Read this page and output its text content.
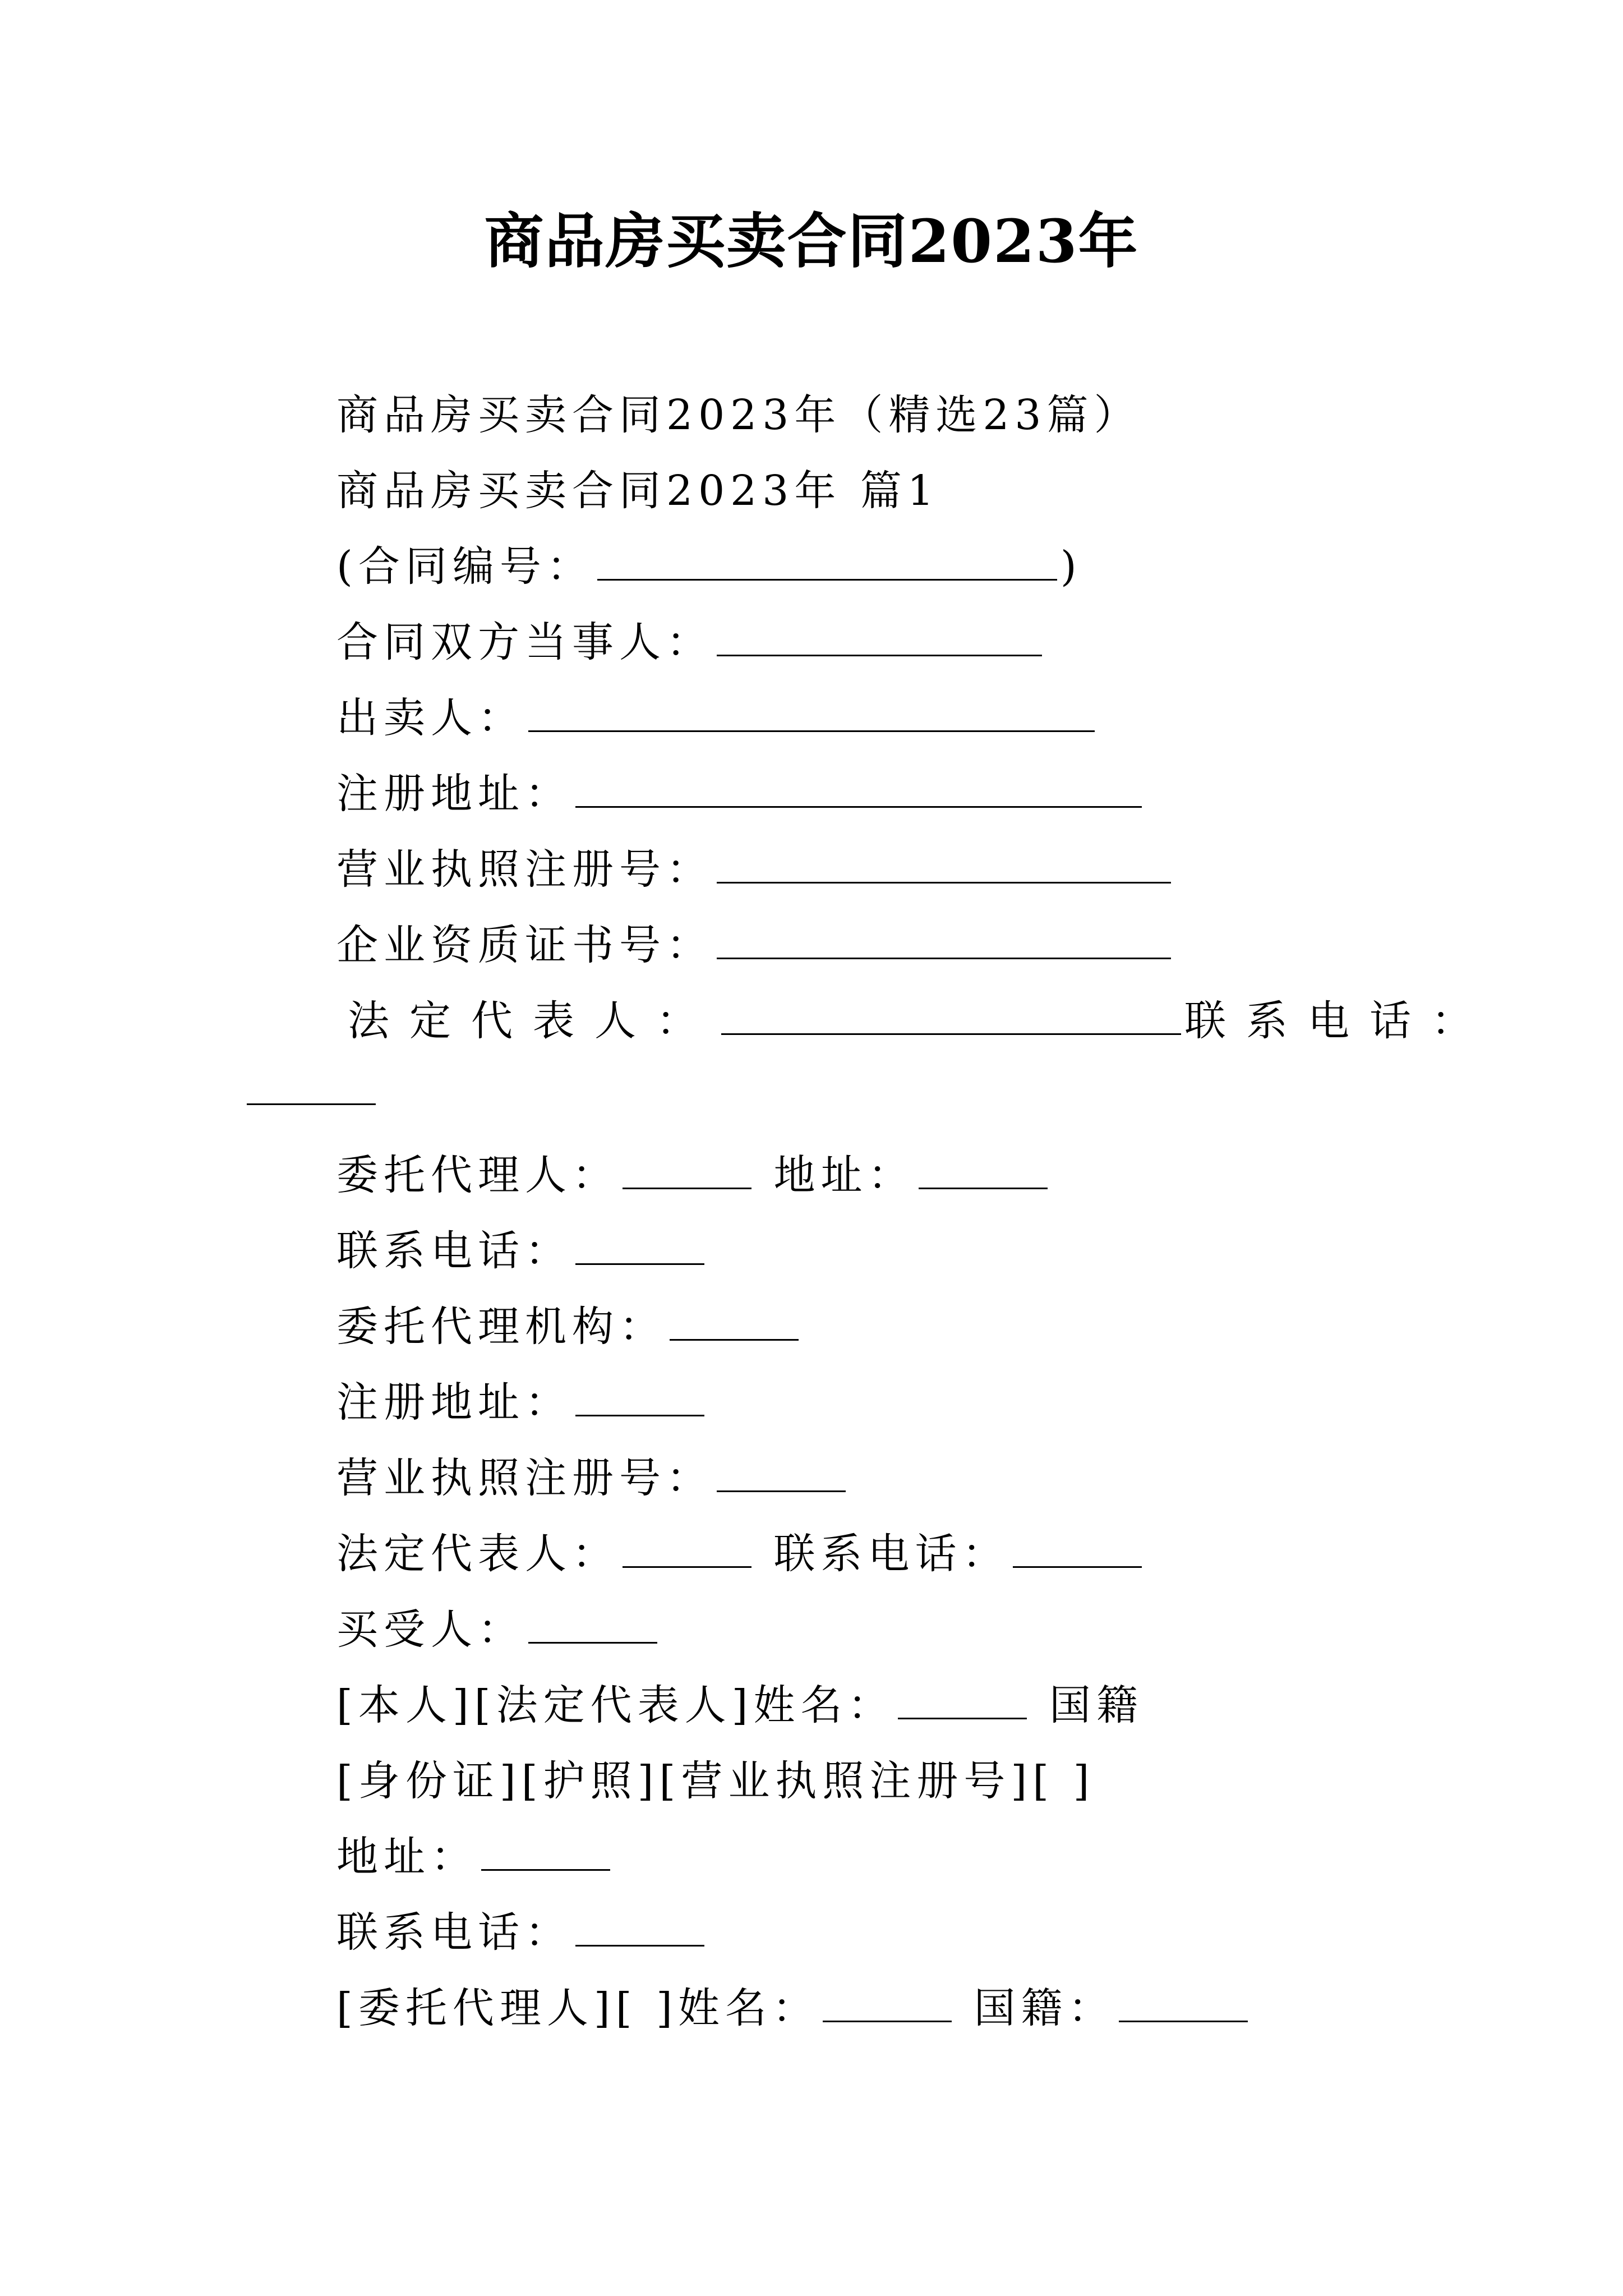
商品房买卖合同2023年
商品房买卖合同2023年（精选23篇）
商品房买卖合同2023年 篇1
(合同编号：	)
合同双方当事人：
出卖人：
注册地址：
营业执照注册号：
企业资质证书号：
法定代表人：	联系电话：
委托代理人：	地址：
联系电话：
委托代理机构：
注册地址：
营业执照注册号：
法定代表人：	联系电话：
买受人：
[本人][法定代表人]姓名：	国籍
[身份证][护照][营业执照注册号][ ]
地址：
联系电话：
[委托代理人][ ]姓名：	国籍：
